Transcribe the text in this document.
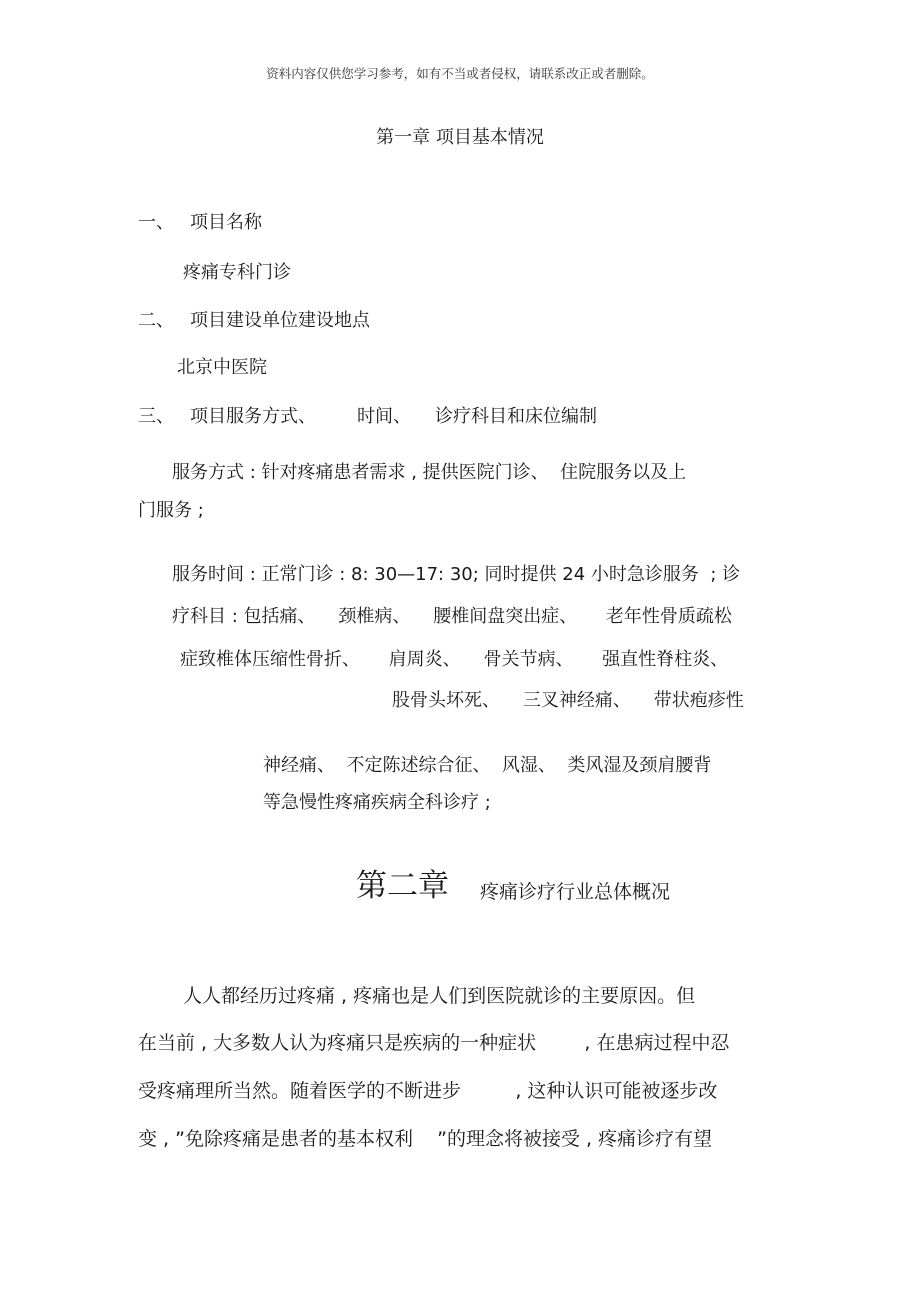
资料内容仅供您学习参考，如有不当或者侵权，请联系改正或者删除。

第一章 项目基本情况

一、 项目名称
疼痛专科门诊
二、 项目建设单位建设地点
北京中医院
三、 项目服务方式、 时间、 诊疗科目和床位编制

服务方式 : 针对疼痛患者需求 , 提供医院门诊、  住院服务以及上

门服务 ;

服务时间 : 正常门诊 : 8: 30—17: 30; 同时提供 24 小时急诊服务  ; 诊

疗科目 : 包括痛、    颈椎病、    腰椎间盘突出症、     老年性骨质疏松

症致椎体压缩性骨折、     肩周炎、    骨关节病、     强直性脊柱炎、

股骨头坏死、    三叉神经痛、    带状疱疹性

神经痛、  不定陈述综合征、  风湿、  类风湿及颈肩腰背

等急慢性疼痛疾病全科诊疗 ;

第二章 疼痛诊疗行业总体概况

人人都经历过疼痛 , 疼痛也是人们到医院就诊的主要原因。但

在当前 , 大多数人认为疼痛只是疾病的一种症状        , 在患病过程中忍

受疼痛理所当然。随着医学的不断进步         , 这种认识可能被逐步改

变 , ”免除疼痛是患者的基本权利    ”的理念将被接受 , 疼痛诊疗有望
